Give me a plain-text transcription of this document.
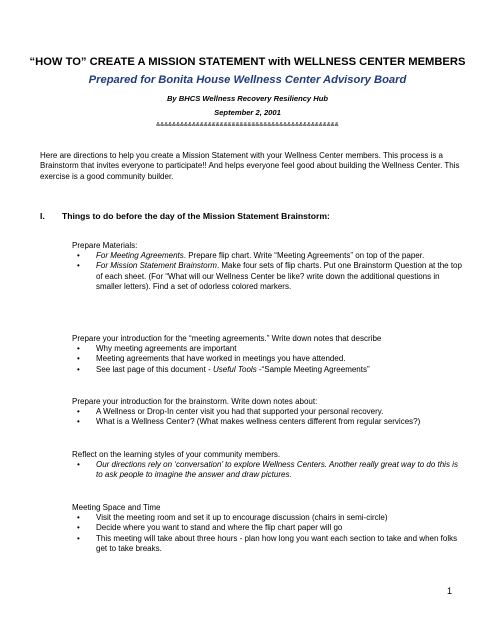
“HOW TO” CREATE A MISSION STATEMENT with WELLNESS CENTER MEMBERS
Prepared for Bonita House Wellness Center Advisory Board
By BHCS Wellness Recovery Resiliency Hub
September 2, 2001
&&&&&&&&&&&&&&&&&&&&&&&&&&&&&&&&&&&&&&&&&&&&&&
Here are directions to help you create a Mission Statement with your Wellness Center members. This process is a Brainstorm that invites everyone to participate!! And helps everyone feel good about building the Wellness Center. This exercise is a good community builder.
I. Things to do before the day of the Mission Statement Brainstorm:
Prepare Materials:
• For Meeting Agreements. Prepare flip chart. Write “Meeting Agreements” on top of the paper.
• For Mission Statement Brainstorm. Make four sets of flip charts. Put one Brainstorm Question at the top of each sheet. (For “What will our Wellness Center be like? write down the additional questions in smaller letters). Find a set of odorless colored markers.
Prepare your introduction for the “meeting agreements.” Write down notes that describe
• Why meeting agreements are important
• Meeting agreements that have worked in meetings you have attended.
• See last page of this document - Useful Tools -“Sample Meeting Agreements”
Prepare your introduction for the brainstorm. Write down notes about:
• A Wellness or Drop-In center visit you had that supported your personal recovery.
• What is a Wellness Center? (What makes wellness centers different from regular services?)
Reflect on the learning styles of your community members.
• Our directions rely on ‘conversation’ to explore Wellness Centers. Another really great way to do this is to ask people to imagine the answer and draw pictures.
Meeting Space and Time
• Visit the meeting room and set it up to encourage discussion (chairs in semi-circle)
• Decide where you want to stand and where the flip chart paper will go
• This meeting will take about three hours - plan how long you want each section to take and when folks get to take breaks.
1
